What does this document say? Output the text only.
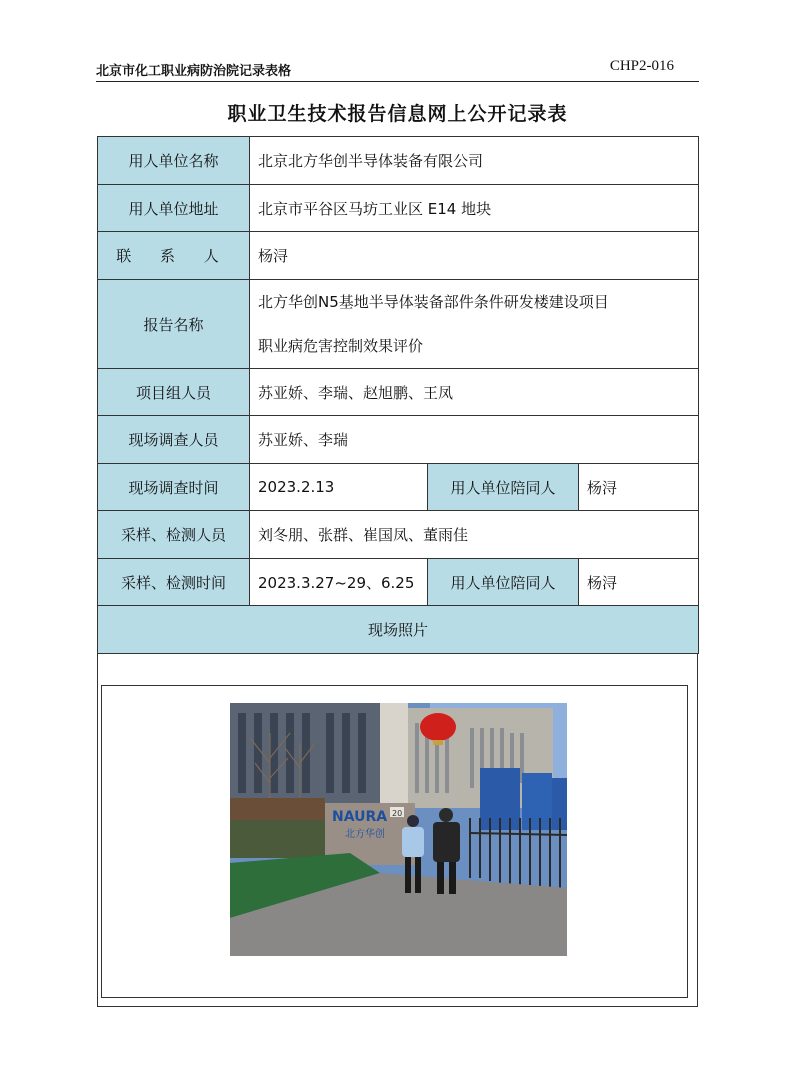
北京市化工职业病防治院记录表格	CHP2-016
职业卫生技术报告信息网上公开记录表
用人单位名称	北京北方华创半导体装备有限公司		
用人单位地址	北京市平谷区马坊工业区 E14 地块		
联 系 人	杨浔		
报告名称	北方华创N5基地半导体装备部件条件研发楼建设项目
职业病危害控制效果评价		

项目组人员	苏亚娇、李瑞、赵旭鹏、王凤		
现场调查人员	苏亚娇、李瑞		
现场调查时间	2023.2.13	用人单位陪同人	杨浔
采样、检测人员	刘冬朋、张群、崔国凤、董雨佳		
采样、检测时间	2023.3.27~29、6.25	用人单位陪同人	杨浔
现场照片			
NAURA
北方华创
20
